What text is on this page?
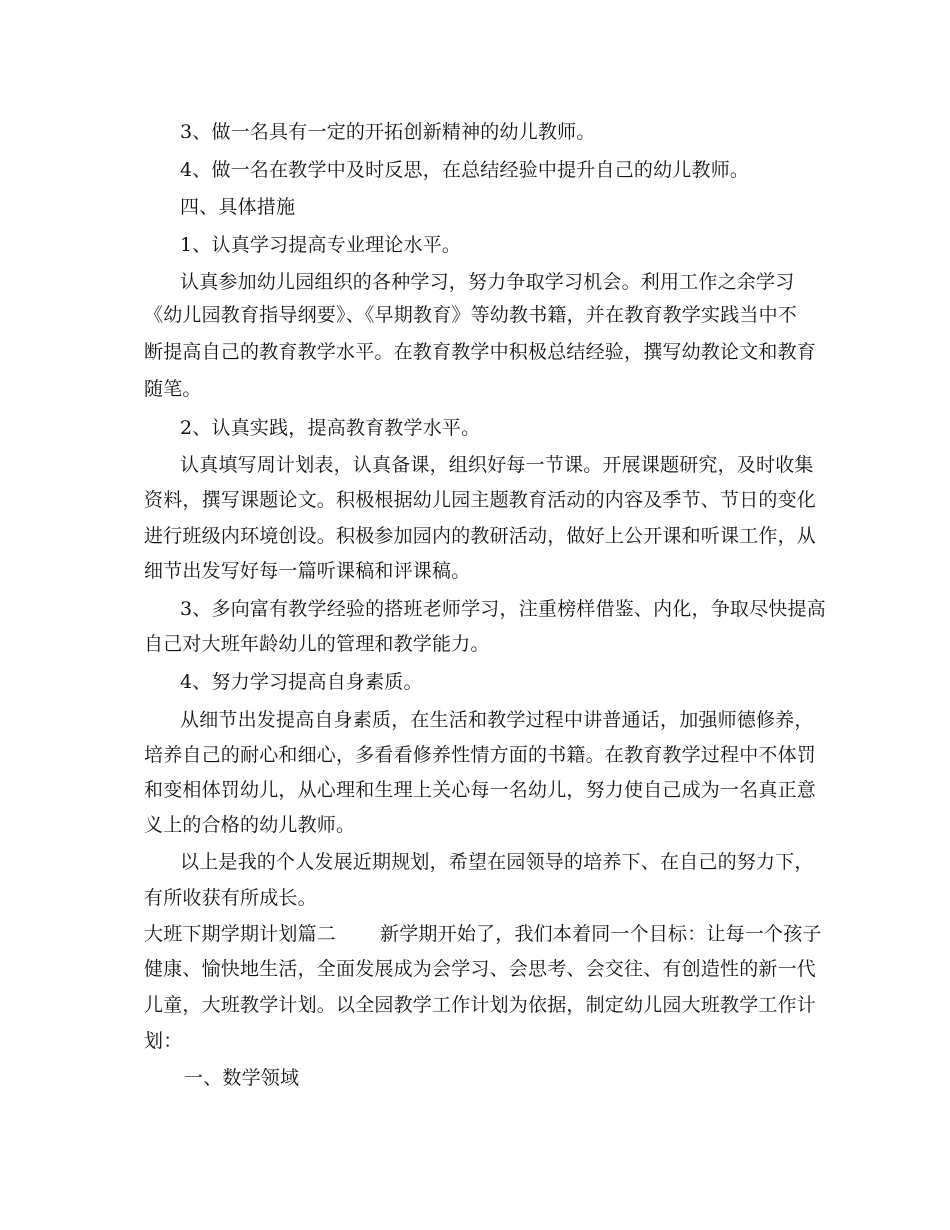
3、做一名具有一定的开拓创新精神的幼儿教师。
4、做一名在教学中及时反思，在总结经验中提升自己的幼儿教师。
四、具体措施
1、认真学习提高专业理论水平。
认真参加幼儿园组织的各种学习，努力争取学习机会。利用工作之余学习
《幼儿园教育指导纲要》、《早期教育》等幼教书籍，并在教育教学实践当中不
断提高自己的教育教学水平。在教育教学中积极总结经验，撰写幼教论文和教育
随笔。
2、认真实践，提高教育教学水平。
认真填写周计划表，认真备课，组织好每一节课。开展课题研究，及时收集
资料，撰写课题论文。积极根据幼儿园主题教育活动的内容及季节、节日的变化
进行班级内环境创设。积极参加园内的教研活动，做好上公开课和听课工作，从
细节出发写好每一篇听课稿和评课稿。
3、多向富有教学经验的搭班老师学习，注重榜样借鉴、内化，争取尽快提高
自己对大班年龄幼儿的管理和教学能力。
4、努力学习提高自身素质。
从细节出发提高自身素质，在生活和教学过程中讲普通话，加强师德修养，
培养自己的耐心和细心，多看看修养性情方面的书籍。在教育教学过程中不体罚
和变相体罚幼儿，从心理和生理上关心每一名幼儿，努力使自己成为一名真正意
义上的合格的幼儿教师。
以上是我的个人发展近期规划，希望在园领导的培养下、在自己的努力下，
有所收获有所成长。
大班下期学期计划篇二 新学期开始了，我们本着同一个目标：让每一个孩子
健康、愉快地生活，全面发展成为会学习、会思考、会交往、有创造性的新一代
儿童，大班教学计划。以全园教学工作计划为依据，制定幼儿园大班教学工作计
划：
一、数学领域
